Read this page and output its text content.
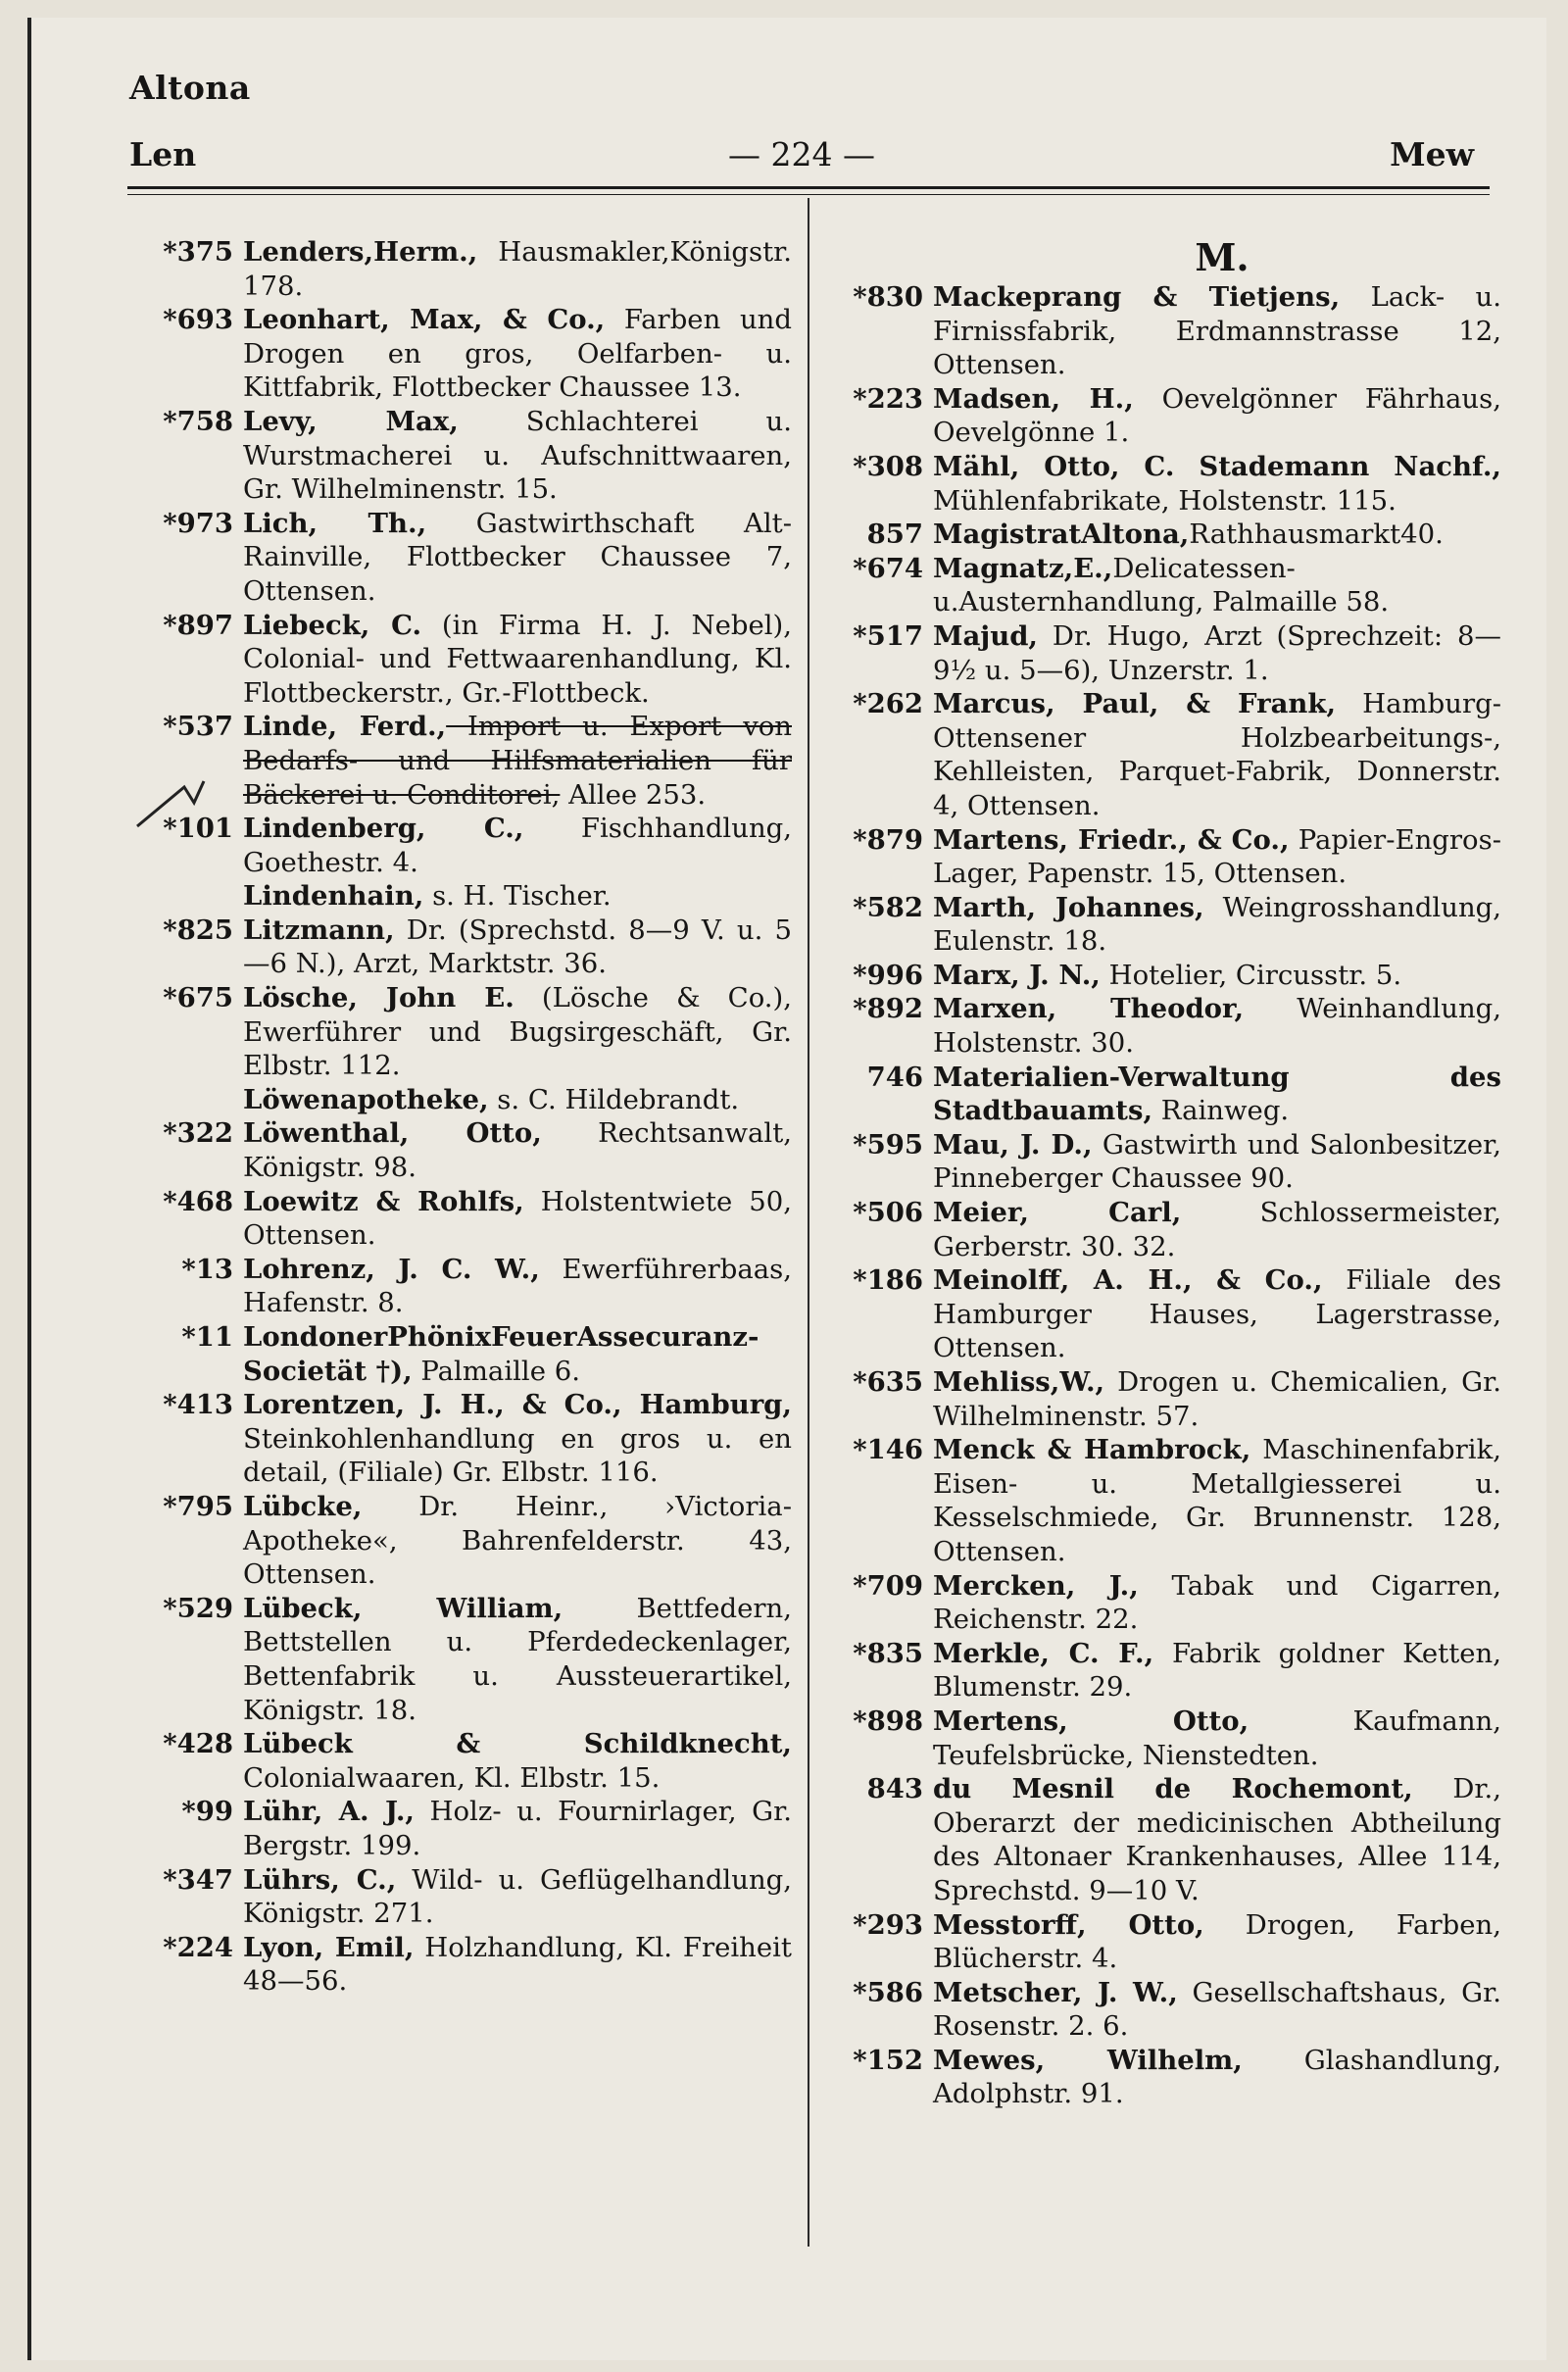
Altona
Len	— 224 —	Mew
*375 Lenders,Herm., Hausmakler,Königstr. 178.
*693 Leonhart, Max, & Co., Farben und Drogen en gros, Oelfarben- u. Kittfabrik, Flottbecker Chaussee 13.
*758 Levy, Max, Schlachterei u. Wurstmacherei u. Aufschnittwaaren, Gr. Wilhelminenstr. 15.
*973 Lich, Th., Gastwirthschaft Alt-Rainville, Flottbecker Chaussee 7, Ottensen.
*897 Liebeck, C. (in Firma H. J. Nebel), Colonial- und Fettwaarenhandlung, Kl. Flottbeckerstr., Gr.-Flottbeck.
*537 Linde, Ferd., Import u. Export von Bedarfs- und Hilfsmaterialien für Bäckerei u. Conditorei, Allee 253.
*101 Lindenberg, C., Fischhandlung, Goethestr. 4.
Lindenhain, s. H. Tischer.
*825 Litzmann, Dr. (Sprechstd. 8—9 V. u. 5—6 N.), Arzt, Marktstr. 36.
*675 Lösche, John E. (Lösche & Co.), Ewerführer und Bugsirgeschäft, Gr. Elbstr. 112.
Löwenapotheke, s. C. Hildebrandt.
*322 Löwenthal, Otto, Rechtsanwalt, Königstr. 98.
*468 Loewitz & Rohlfs, Holstentwiete 50, Ottensen.
*13 Lohrenz, J. C. W., Ewerführerbaas, Hafenstr. 8.
*11 LondonerPhönixFeuerAssecuranz-Societät †), Palmaille 6.
*413 Lorentzen, J. H., & Co., Hamburg, Steinkohlenhandlung en gros u. en detail, (Filiale) Gr. Elbstr. 116.
*795 Lübcke, Dr. Heinr., ›Victoria-Apotheke«, Bahrenfelderstr. 43, Ottensen.
*529 Lübeck, William, Bettfedern, Bettstellen u. Pferdedeckenlager, Bettenfabrik u. Aussteuerartikel, Königstr. 18.
*428 Lübeck & Schildknecht, Colonialwaaren, Kl. Elbstr. 15.
*99 Lühr, A. J., Holz- u. Fournirlager, Gr. Bergstr. 199.
*347 Lührs, C., Wild- u. Geflügelhandlung, Königstr. 271.
*224 Lyon, Emil, Holzhandlung, Kl. Freiheit 48—56.
M.
*830 Mackeprang & Tietjens, Lack- u. Firnissfabrik, Erdmannstrasse 12, Ottensen.
*223 Madsen, H., Oevelgönner Fährhaus, Oevelgönne 1.
*308 Mähl, Otto, C. Stademann Nachf., Mühlenfabrikate, Holstenstr. 115.
857 MagistratAltona,Rathhausmarkt40.
*674 Magnatz,E.,Delicatessen-u.Austernhandlung, Palmaille 58.
*517 Majud, Dr. Hugo, Arzt (Sprechzeit: 8—9½ u. 5—6), Unzerstr. 1.
*262 Marcus, Paul, & Frank, Hamburg-Ottensener Holzbearbeitungs-, Kehlleisten, Parquet-Fabrik, Donnerstr. 4, Ottensen.
*879 Martens, Friedr., & Co., Papier-Engros-Lager, Papenstr. 15, Ottensen.
*582 Marth, Johannes, Weingrosshandlung, Eulenstr. 18.
*996 Marx, J. N., Hotelier, Circusstr. 5.
*892 Marxen, Theodor, Weinhandlung, Holstenstr. 30.
746 Materialien-Verwaltung des Stadtbauamts, Rainweg.
*595 Mau, J. D., Gastwirth und Salonbesitzer, Pinneberger Chaussee 90.
*506 Meier, Carl, Schlossermeister, Gerberstr. 30. 32.
*186 Meinolff, A. H., & Co., Filiale des Hamburger Hauses, Lagerstrasse, Ottensen.
*635 Mehliss,W., Drogen u. Chemicalien, Gr. Wilhelminenstr. 57.
*146 Menck & Hambrock, Maschinenfabrik, Eisen- u. Metallgiesserei u. Kesselschmiede, Gr. Brunnenstr. 128, Ottensen.
*709 Mercken, J., Tabak und Cigarren, Reichenstr. 22.
*835 Merkle, C. F., Fabrik goldner Ketten, Blumenstr. 29.
*898 Mertens, Otto, Kaufmann, Teufelsbrücke, Nienstedten.
843 du Mesnil de Rochemont, Dr., Oberarzt der medicinischen Abtheilung des Altonaer Krankenhauses, Allee 114, Sprechstd. 9—10 V.
*293 Messtorff, Otto, Drogen, Farben, Blücherstr. 4.
*586 Metscher, J. W., Gesellschaftshaus, Gr. Rosenstr. 2. 6.
*152 Mewes, Wilhelm, Glashandlung, Adolphstr. 91.
